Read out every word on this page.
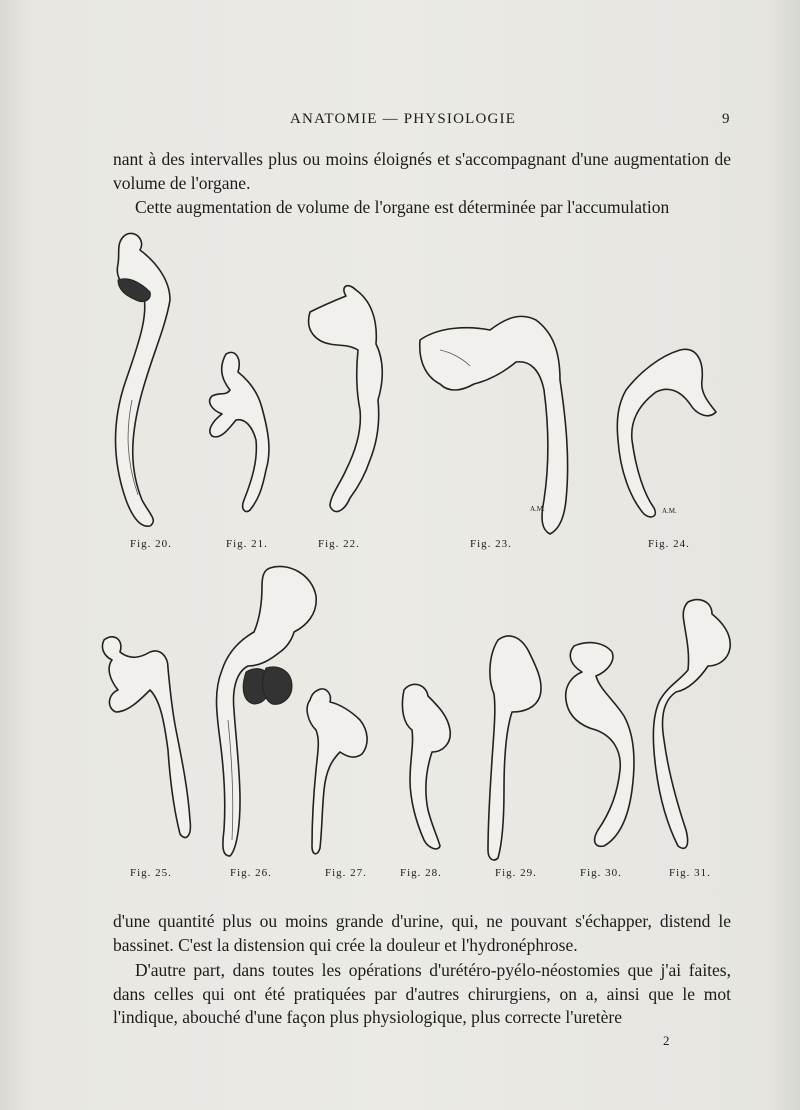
ANATOMIE — PHYSIOLOGIE	9
nant à des intervalles plus ou moins éloignés et s'accompagnant d'une augmentation de volume de l'organe.
Cette augmentation de volume de l'organe est déterminée par l'accumulation
A.M.	A.M.
Fig. 20.	Fig. 21.	Fig. 22.	Fig. 23.	Fig. 24.
Fig. 25.	Fig. 26.	Fig. 27.	Fig. 28.	Fig. 29.	Fig. 30.	Fig. 31.
d'une quantité plus ou moins grande d'urine, qui, ne pouvant s'échapper, distend le bassinet. C'est la distension qui crée la douleur et l'hydronéphrose.
D'autre part, dans toutes les opérations d'urétéro-pyélo-néostomies que j'ai faites, dans celles qui ont été pratiquées par d'autres chirurgiens, on a, ainsi que le mot l'indique, abouché d'une façon plus physiologique, plus correcte l'uretère
2
